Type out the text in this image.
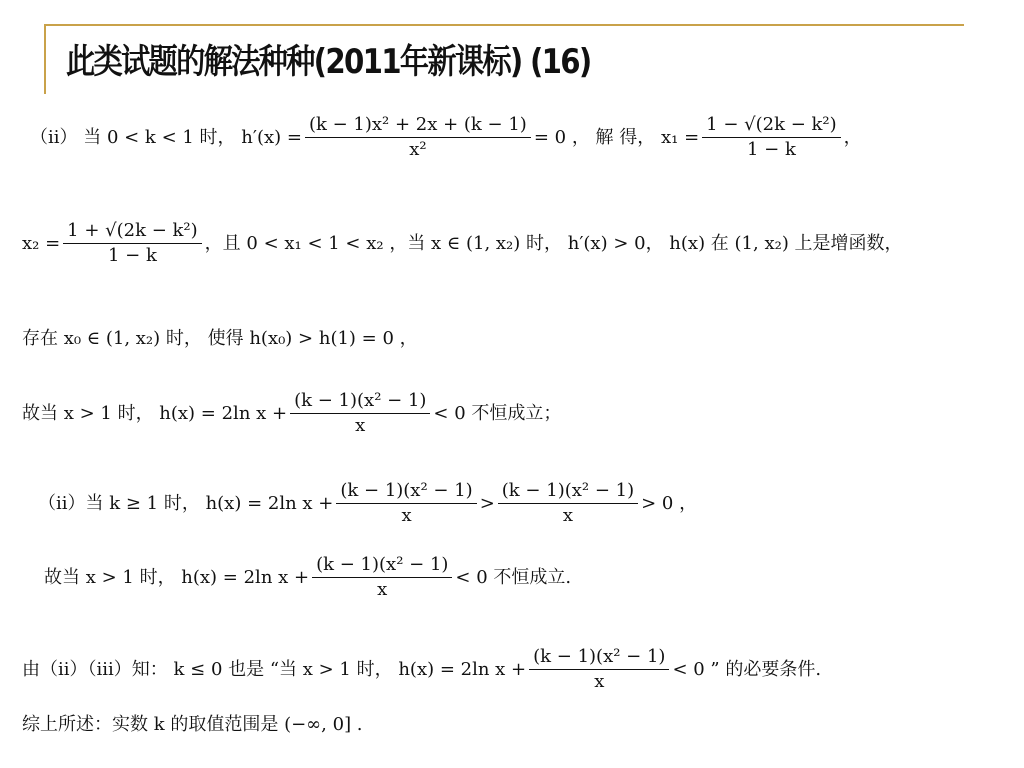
此类试题的解法种种(2011年新课标) (16)
（ii） 当 0 < k < 1 时， $h'(x) = \frac{\text{(k − 1)x² + 2x + (k − 1)}}{\text{x²}} = 0$ ， 解 得， $x_1 = \frac{\text{1 − √(2k − k²)}}{1 - k}$ ，
$x_2 = \frac{\text{1 + √(2k − k²)}}{1 - k}$ ，且 0 < x₁ < 1 < x₂ ，当 x ∈ (1, x₂) 时， h′(x) > 0， h(x) 在 (1, x₂) 上是增函数，
存在 x₀ ∈ (1, x₂) 时， 使得 h(x₀) > h(1) = 0 ，
故当 x > 1 时， h(x) = 2ln $x + \frac{\text{(k − 1)(x² − 1)}}{x} < 0$ 不恒成立；
（ii）当 k ≥ 1 时， h(x) = 2ln $x + \frac{\text{(k − 1)(x² − 1)}}{x} > \frac{\text{(k − 1)(x² − 1)}}{x} > 0$ ，
故当 x > 1 时， h(x) = 2ln $x + \frac{\text{(k − 1)(x² − 1)}}{x} < 0$ 不恒成立.
由（ii）（iii）知： k ≤ 0 也是 “当 x > 1 时， h(x) = 2ln $x + \frac{\text{(k − 1)(x² − 1)}}{x} < 0$ ” 的必要条件.
综上所述：实数 k 的取值范围是 (−∞, 0] .
